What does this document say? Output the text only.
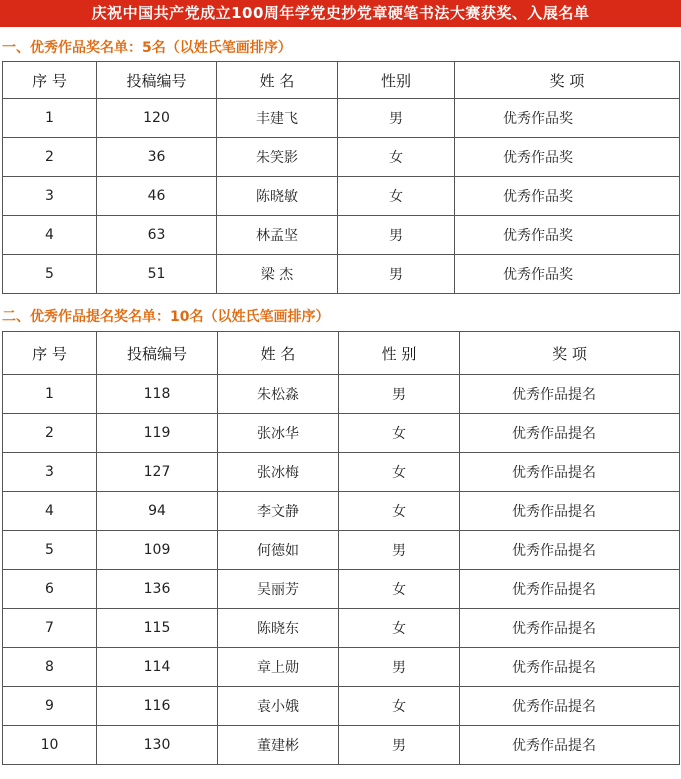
庆祝中国共产党成立100周年学党史抄党章硬笔书法大赛获奖、入展名单
一、优秀作品奖名单：5名（以姓氏笔画排序）
序 号	投稿编号	姓 名	性别	奖 项
1	120	丰建飞	男	优秀作品奖
2	36	朱笑影	女	优秀作品奖
3	46	陈晓敏	女	优秀作品奖
4	63	林孟坚	男	优秀作品奖
5	51	梁 杰	男	优秀作品奖
二、优秀作品提名奖名单：10名（以姓氏笔画排序）
序 号	投稿编号	姓 名	性 别	奖 项
1	118	朱松淼	男	优秀作品提名
2	119	张冰华	女	优秀作品提名
3	127	张冰梅	女	优秀作品提名
4	94	李文静	女	优秀作品提名
5	109	何德如	男	优秀作品提名
6	136	吴丽芳	女	优秀作品提名
7	115	陈晓东	女	优秀作品提名
8	114	章上勋	男	优秀作品提名
9	116	袁小娥	女	优秀作品提名
10	130	董建彬	男	优秀作品提名
